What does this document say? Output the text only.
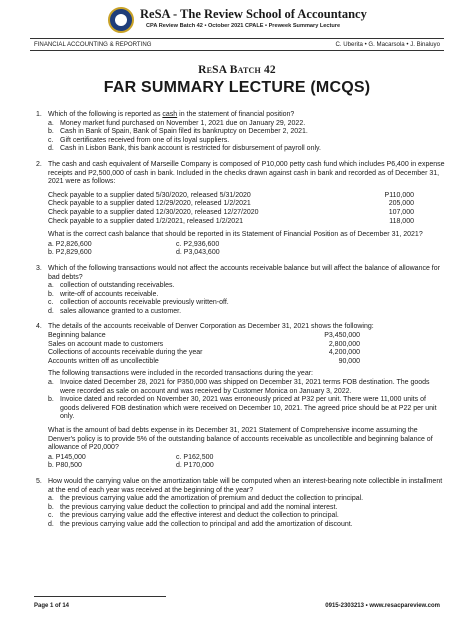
ReSA - The Review School of Accountancy
CPA Review Batch 42 • October 2021 CPALE • Preweek Summary Lecture
FINANCIAL ACCOUNTING & REPORTING	C. Uberita • G. Macarsola • J. Binaluyo
ReSA Batch 42
FAR SUMMARY LECTURE (MCQS)
1. Which of the following is reported as cash in the statement of financial position?
a. Money market fund purchased on November 1, 2021 due on January 29, 2022.
b. Cash in Bank of Spain, Bank of Spain filed its bankruptcy on December 2, 2021.
c. Gift certificates received from one of its loyal suppliers.
d. Cash in Lisbon Bank, this bank account is restricted for disbursement of payroll only.
2. The cash and cash equivalent of Marseille Company is composed of P10,000 petty cash fund which includes P6,400 in expense receipts and P2,500,000 of cash in bank. Included in the checks drawn against cash in bank and recorded as of December 31, 2021 were as follows:
Check payable to a supplier dated 5/30/2020, released 5/31/2020	P110,000
Check payable to a supplier dated 12/29/2020, released 1/2/2021	205,000
Check payable to a supplier dated 12/30/2020, released 12/27/2020	107,000
Check payable to a supplier dated 1/2/2021, released 1/2/2021	118,000
What is the correct cash balance that should be reported in its Statement of Financial Position as of December 31, 2021?
a. P2,826,600	c. P2,936,600
b. P2,829,600	d. P3,043,600
3. Which of the following transactions would not affect the accounts receivable balance but will affect the balance of allowance for bad debts?
a. collection of outstanding receivables.
b. write-off of accounts receivable.
c. collection of accounts receivable previously written-off.
d. sales allowance granted to a customer.
4. The details of the accounts receivable of Denver Corporation as December 31, 2021 shows the following:
Beginning balance	P3,450,000
Sales on account made to customers	2,800,000
Collections of accounts receivable during the year	4,200,000
Accounts written off as uncollectible	90,000
The following transactions were included in the recorded transactions during the year:
a. Invoice dated December 28, 2021 for P350,000 was shipped on December 31, 2021 terms FOB destination. The goods were recorded as sale on account and was received by Customer Monica on January 3, 2022.
b. Invoice dated and recorded on November 30, 2021 was erroneously priced at P32 per unit. There were 11,000 units of goods delivered FOB destination which were received on December 10, 2021. The agreed price should be at P22 per unit only.
What is the amount of bad debts expense in its December 31, 2021 Statement of Comprehensive income assuming the Denver's policy is to provide 5% of the outstanding balance of accounts receivable as uncollectible and beginning balance of allowance of P20,000?
a. P145,000	c. P162,500
b. P80,500	d. P170,000
5. How would the carrying value on the amortization table will be computed when an interest-bearing note collectible in installment at the end of each year was received at the beginning of the year?
a. the previous carrying value add the amortization of premium and deduct the collection to principal.
b. the previous carrying value deduct the collection to principal and add the nominal interest.
c. the previous carrying value add the effective interest and deduct the collection to principal.
d. the previous carrying value add the collection to principal and add the amortization of discount.
Page 1 of 14	0915-2303213 • www.resacpareview.com
